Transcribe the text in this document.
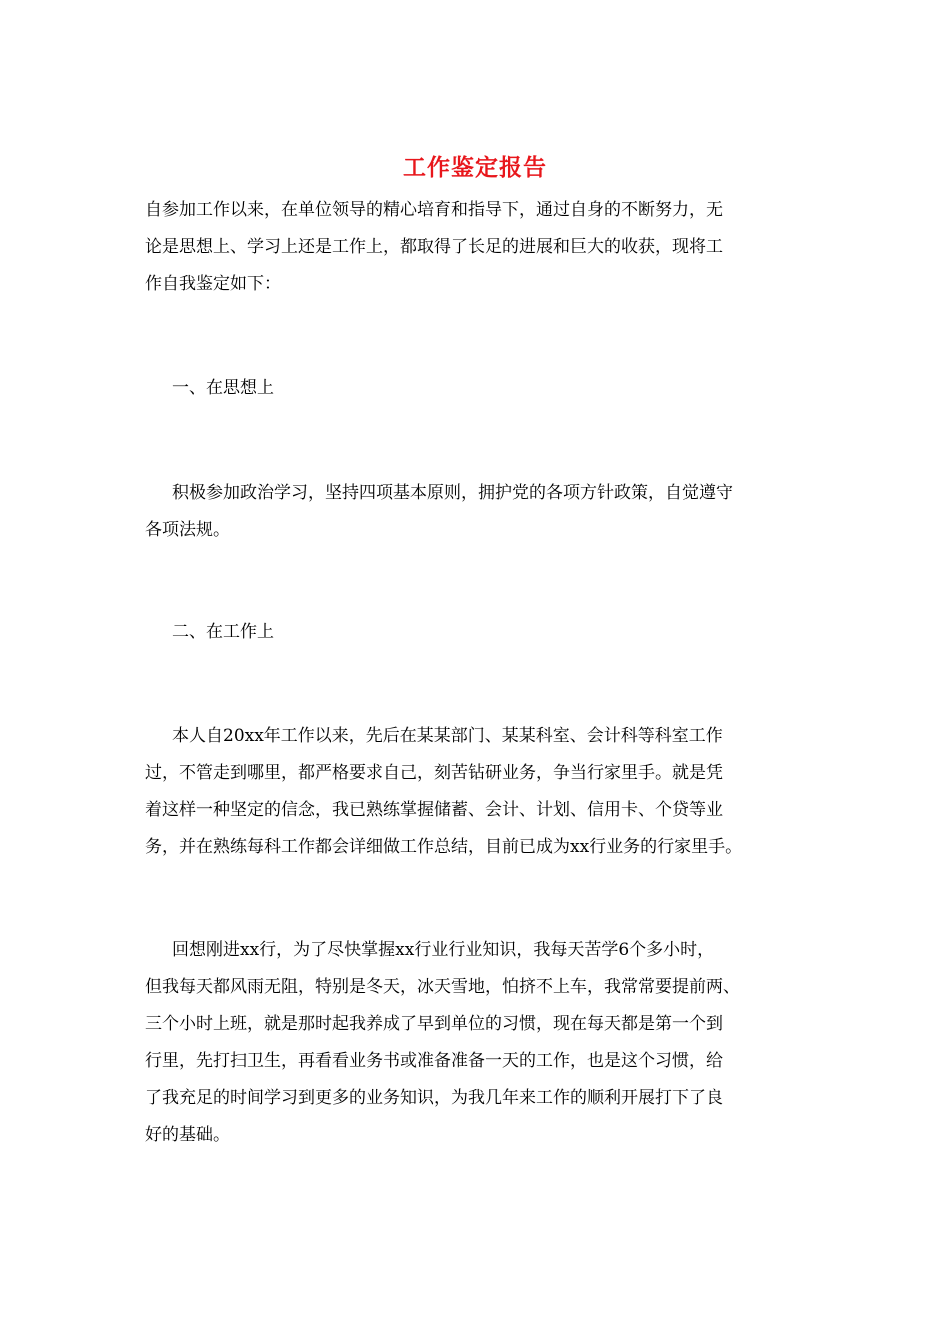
工作鉴定报告
自参加工作以来，在单位领导的精心培育和指导下，通过自身的不断努力，无
论是思想上、学习上还是工作上，都取得了长足的进展和巨大的收获，现将工
作自我鉴定如下：
一、在思想上
积极参加政治学习，坚持四项基本原则，拥护党的各项方针政策，自觉遵守
各项法规。
二、在工作上
本人自20xx年工作以来，先后在某某部门、某某科室、会计科等科室工作
过，不管走到哪里，都严格要求自己，刻苦钻研业务，争当行家里手。就是凭
着这样一种坚定的信念，我已熟练掌握储蓄、会计、计划、信用卡、个贷等业
务，并在熟练每科工作都会详细做工作总结，目前已成为xx行业务的行家里手。
回想刚进xx行，为了尽快掌握xx行业行业知识，我每天苦学6个多小时，
但我每天都风雨无阻，特别是冬天，冰天雪地，怕挤不上车，我常常要提前两、
三个小时上班，就是那时起我养成了早到单位的习惯，现在每天都是第一个到
行里，先打扫卫生，再看看业务书或准备准备一天的工作，也是这个习惯，给
了我充足的时间学习到更多的业务知识，为我几年来工作的顺利开展打下了良
好的基础。
